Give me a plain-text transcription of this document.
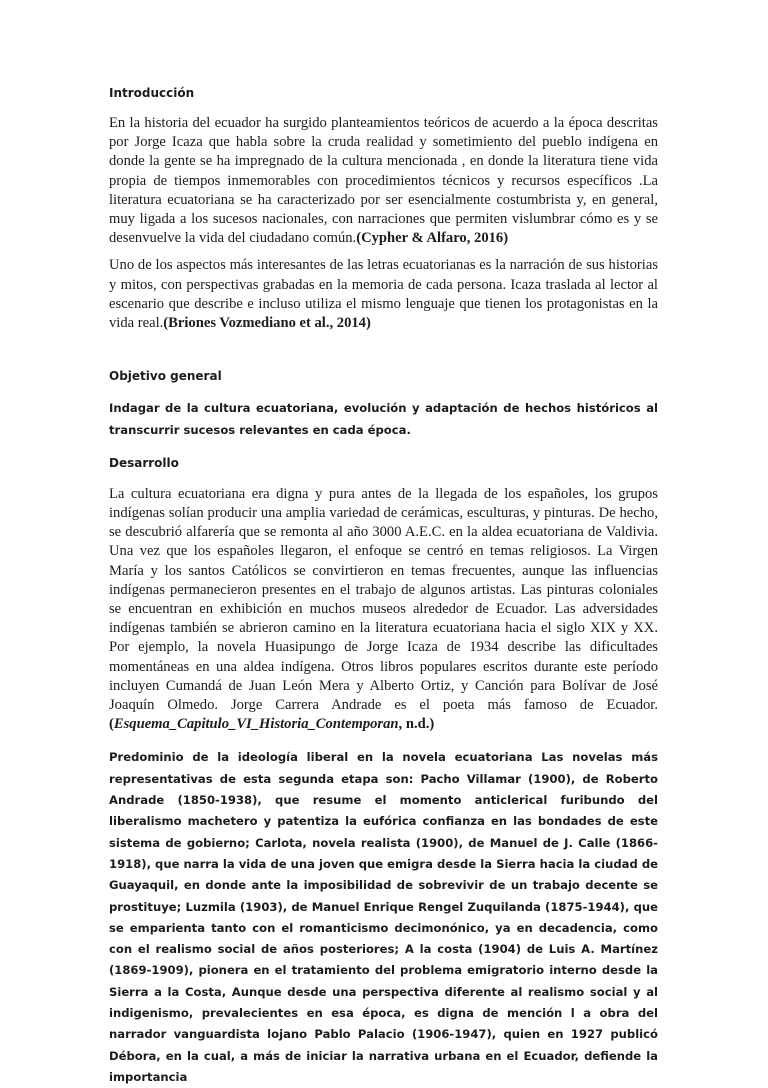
Introducción

En la historia del ecuador ha surgido planteamientos teóricos de acuerdo a la época descritas por Jorge Icaza que habla sobre la cruda realidad y sometimiento del pueblo indígena en donde la gente se ha impregnado de la cultura mencionada , en donde la literatura tiene vida propia de tiempos inmemorables con procedimientos técnicos y recursos específicos .La literatura ecuatoriana se ha caracterizado por ser esencialmente costumbrista y, en general, muy ligada a los sucesos nacionales, con narraciones que permiten vislumbrar cómo es y se desenvuelve la vida del ciudadano común.(Cypher & Alfaro, 2016)

Uno de los aspectos más interesantes de las letras ecuatorianas es la narración de sus historias y mitos, con perspectivas grabadas en la memoria de cada persona. Icaza traslada al lector al escenario que describe e incluso utiliza el mismo lenguaje que tienen los protagonistas en la vida real.(Briones Vozmediano et al., 2014)

Objetivo general

Indagar de la cultura ecuatoriana, evolución y adaptación de hechos históricos al transcurrir sucesos relevantes en cada época.

Desarrollo

La cultura ecuatoriana era digna y pura antes de la llegada de los españoles, los grupos indígenas solían producir una amplia variedad de cerámicas, esculturas, y pinturas. De hecho, se descubrió alfarería que se remonta al año 3000 A.E.C. en la aldea ecuatoriana de Valdivia. Una vez que los españoles llegaron, el enfoque se centró en temas religiosos. La Virgen María y los santos Católicos se convirtieron en temas frecuentes, aunque las influencias indígenas permanecieron presentes en el trabajo de algunos artistas. Las pinturas coloniales se encuentran en exhibición en muchos museos alrededor de Ecuador. Las adversidades indígenas también se abrieron camino en la literatura ecuatoriana hacia el siglo XIX y XX. Por ejemplo, la novela Huasipungo de Jorge Icaza de 1934 describe las dificultades momentáneas en una aldea indígena. Otros libros populares escritos durante este período incluyen Cumandá de Juan León Mera y Alberto Ortiz, y Canción para Bolívar de José Joaquín Olmedo. Jorge Carrera Andrade es el poeta más famoso de Ecuador.(Esquema_Capitulo_VI_Historia_Contemporan, n.d.)

Predominio de la ideología liberal en la novela ecuatoriana Las novelas más representativas de esta segunda etapa son: Pacho Villamar (1900), de Roberto Andrade (1850-1938), que resume el momento anticlerical furibundo del liberalismo machetero y patentiza la eufórica confianza en las bondades de este sistema de gobierno; Carlota, novela realista (1900), de Manuel de J. Calle (1866-1918), que narra la vida de una joven que emigra desde la Sierra hacia la ciudad de Guayaquil, en donde ante la imposibilidad de sobrevivir de un trabajo decente se prostituye; Luzmila (1903), de Manuel Enrique Rengel Zuquilanda (1875-1944), que se emparienta tanto con el romanticismo decimonónico, ya en decadencia, como con el realismo social de años posteriores; A la costa (1904) de Luis A. Martínez (1869-1909), pionera en el tratamiento del problema emigratorio interno desde la Sierra a la Costa, Aunque desde una perspectiva diferente al realismo social y al indigenismo, prevalecientes en esa época, es digna de mención l a obra del narrador vanguardista lojano Pablo Palacio (1906-1947), quien en 1927 publicó Débora, en la cual, a más de iniciar la narrativa urbana en el Ecuador, defiende la importancia
